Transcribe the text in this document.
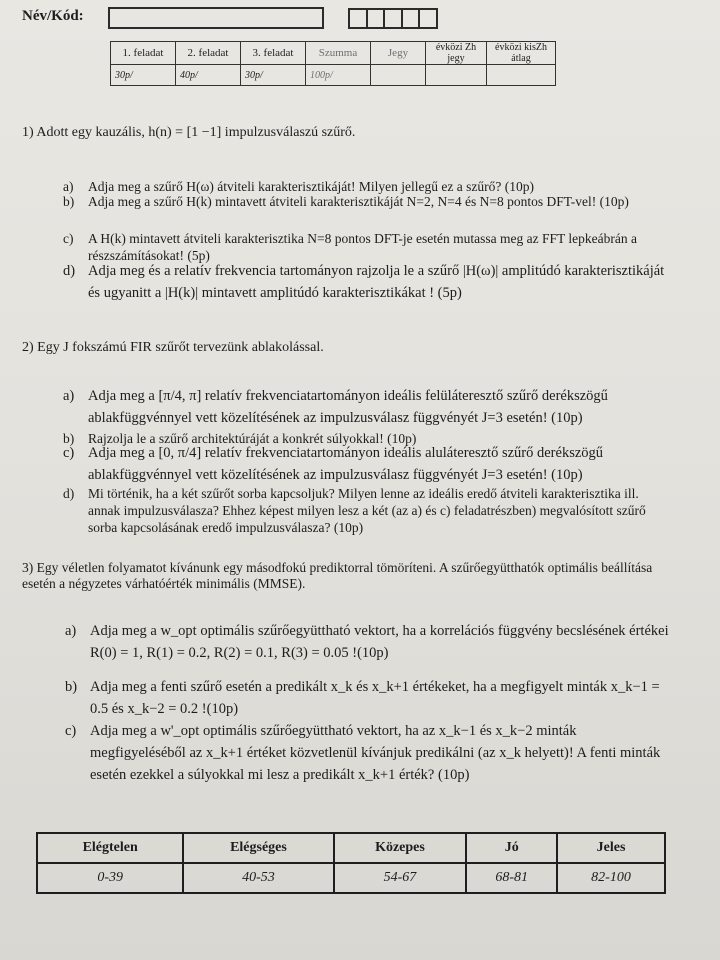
Név/Kód:
1. feladat	2. feladat	3. feladat	Szumma	Jegy	évközi Zh jegy	évközi kisZh átlag
30p/	40p/	30p/	100p/			
1) Adott egy kauzális, h(n) = [1 −1] impulzusválaszú szűrő.
a) Adja meg a szűrő H(ω) átviteli karakterisztikáját! Milyen jellegű ez a szűrő? (10p)
b) Adja meg a szűrő H(k) mintavett átviteli karakterisztikáját N=2, N=4 és N=8 pontos DFT-vel! (10p)
c) A H(k) mintavett átviteli karakterisztika N=8 pontos DFT-je esetén mutassa meg az FFT lepkeábrán a részszámításokat! (5p)
d) Adja meg és a relatív frekvencia tartományon rajzolja le a szűrő |H(ω)| amplitúdó karakterisztikáját és ugyanitt a |H(k)| mintavett amplitúdó karakterisztikákat ! (5p)
2) Egy J fokszámú FIR szűrőt tervezünk ablakolással.
a) Adja meg a [π/4, π] relatív frekvenciatartományon ideális felüláteresztő szűrő derékszögű ablakfüggvénnyel vett közelítésének az impulzusválasz függvényét J=3 esetén! (10p)
b) Rajzolja le a szűrő architektúráját a konkrét súlyokkal! (10p)
c) Adja meg a [0, π/4] relatív frekvenciatartományon ideális aluláteresztő szűrő derékszögű ablakfüggvénnyel vett közelítésének az impulzusválasz függvényét J=3 esetén! (10p)
d) Mi történik, ha a két szűrőt sorba kapcsoljuk? Milyen lenne az ideális eredő átviteli karakterisztika ill. annak impulzusválasza? Ehhez képest milyen lesz a két (az a) és c) feladatrészben) megvalósított szűrő sorba kapcsolásának eredő impulzusválasza? (10p)
3) Egy véletlen folyamatot kívánunk egy másodfokú prediktorral tömöríteni. A szűrőegyütthatók optimális beállítása esetén a négyzetes várhatóérték minimális (MMSE).
a) Adja meg a w_opt optimális szűrőegyüttható vektort, ha a korrelációs függvény becslésének értékei R(0) = 1, R(1) = 0.2, R(2) = 0.1, R(3) = 0.05 !(10p)
b) Adja meg a fenti szűrő esetén a predikált x_k és x_k+1 értékeket, ha a megfigyelt minták x_k−1 = 0.5 és x_k−2 = 0.2 !(10p)
c) Adja meg a w'_opt optimális szűrőegyüttható vektort, ha az x_k−1 és x_k−2 minták megfigyeléséből az x_k+1 értéket közvetlenül kívánjuk predikálni (az x_k helyett)! A fenti minták esetén ezekkel a súlyokkal mi lesz a predikált x_k+1 érték? (10p)
Elégtelen	Elégséges	Közepes	Jó	Jeles
0-39	40-53	54-67	68-81	82-100
